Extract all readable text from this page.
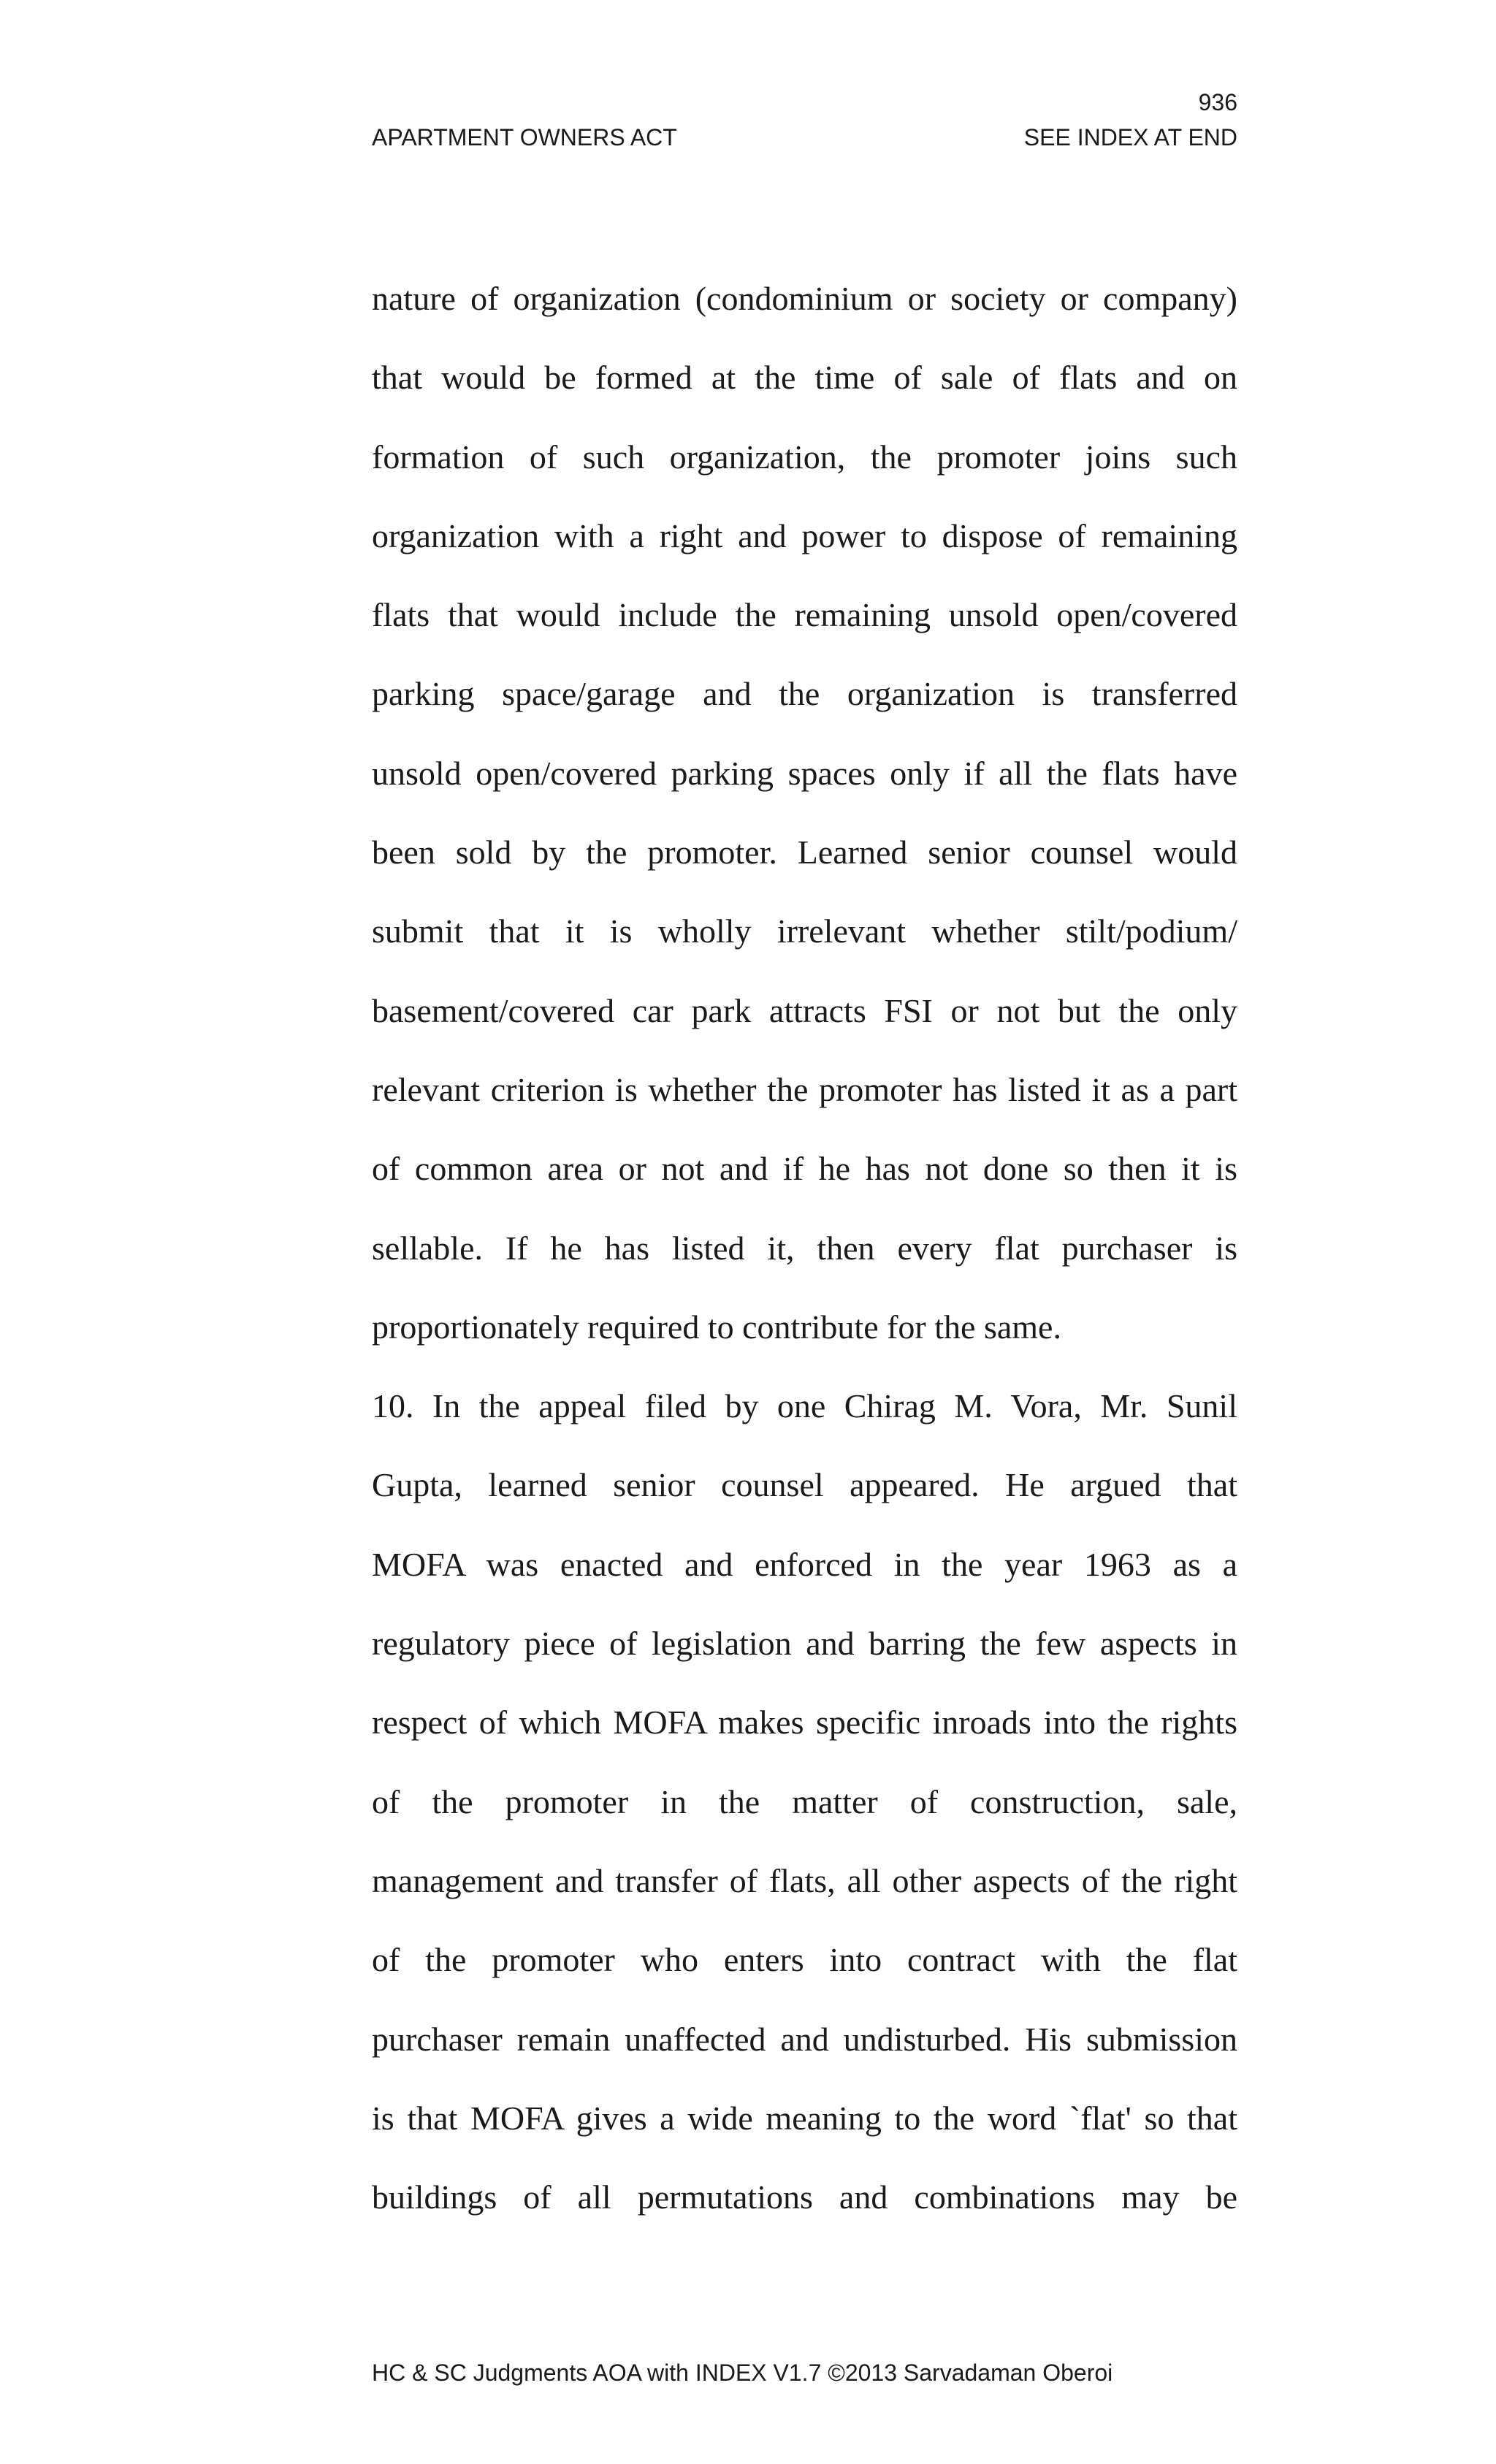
936
APARTMENT OWNERS ACT	SEE INDEX AT END
nature of organization (condominium or society or company)
that would be formed at the time of sale of flats and on
formation of such organization, the promoter joins such
organization with a right and power to dispose of remaining
flats that would include the remaining unsold open/covered
parking space/garage and the organization is transferred
unsold open/covered parking spaces only if all the flats have
been sold by the promoter. Learned senior counsel would
submit that it is wholly irrelevant whether stilt/podium/
basement/covered car park attracts FSI or not but the only
relevant criterion is whether the promoter has listed it as a part
of common area or not and if he has not done so then it is
sellable. If he has listed it, then every flat purchaser is
proportionately required to contribute for the same.
10. In the appeal filed by one Chirag M. Vora, Mr. Sunil
Gupta, learned senior counsel appeared. He argued that
MOFA was enacted and enforced in the year 1963 as a
regulatory piece of legislation and barring the few aspects in
respect of which MOFA makes specific inroads into the rights
of the promoter in the matter of construction, sale,
management and transfer of flats, all other aspects of the right
of the promoter who enters into contract with the flat
purchaser remain unaffected and undisturbed. His submission
is that MOFA gives a wide meaning to the word `flat' so that
buildings of all permutations and combinations may be
HC & SC Judgments AOA with INDEX V1.7 ©2013 Sarvadaman Oberoi
